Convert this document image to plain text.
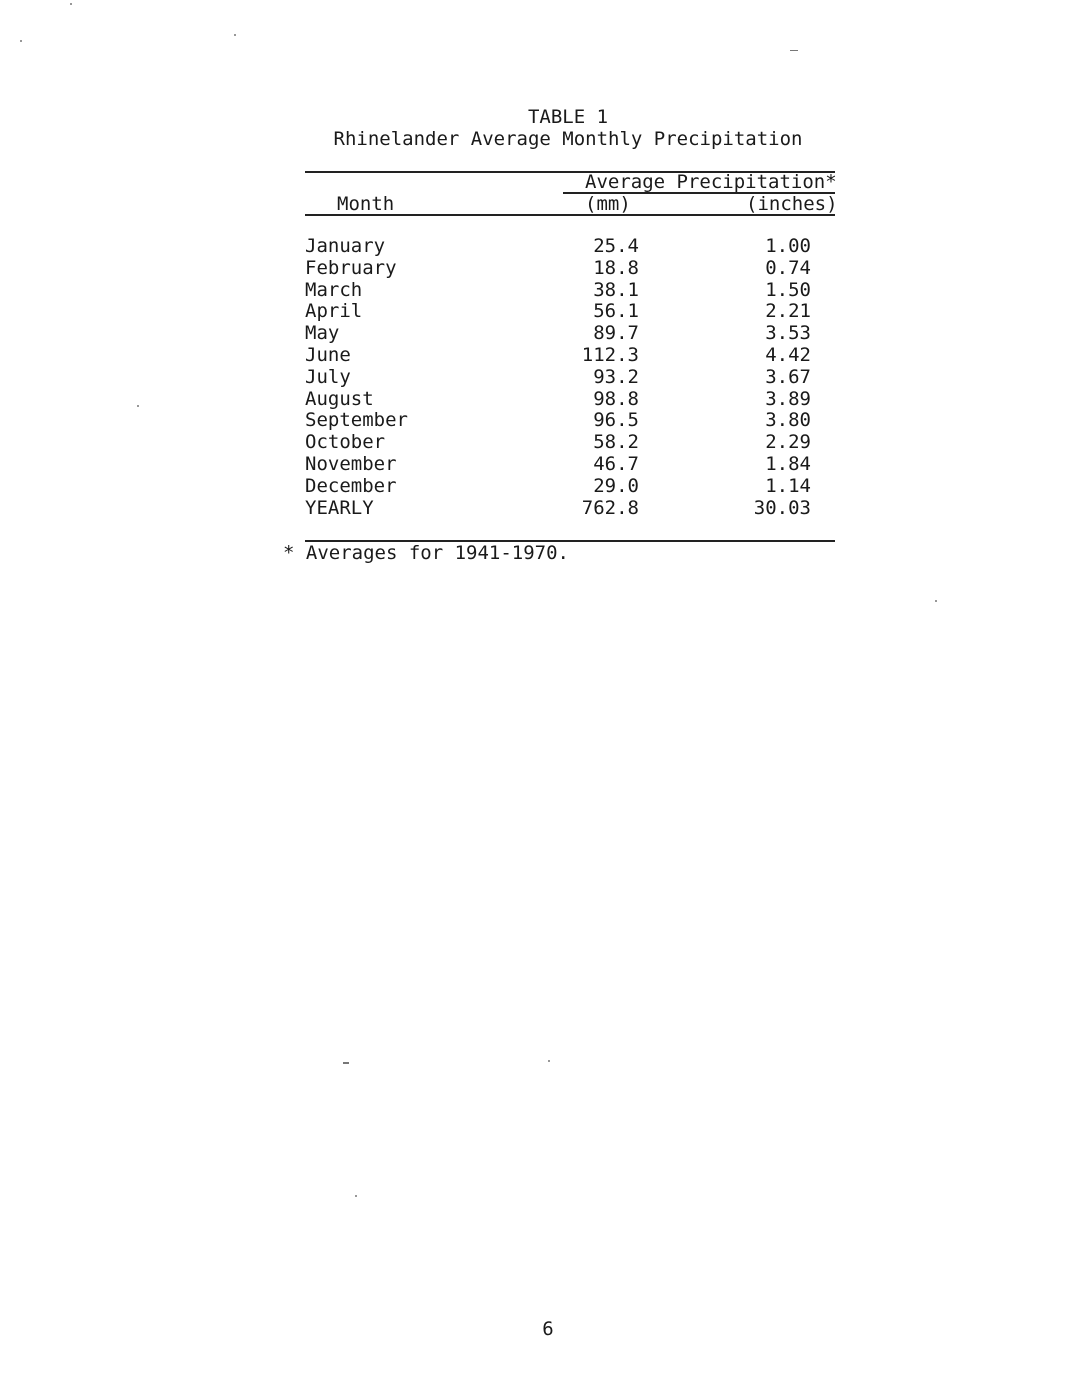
TABLE 1
Rhinelander Average Monthly Precipitation
Average Precipitation*
Month	(mm)	(inches)
January	25.4	1.00
February	18.8	0.74
March	38.1	1.50
April	56.1	2.21
May	89.7	3.53
June	112.3	4.42
July	93.2	3.67
August	98.8	3.89
September	96.5	3.80
October	58.2	2.29
November	46.7	1.84
December	29.0	1.14
YEARLY	762.8	30.03
* Averages for 1941-1970.
6
